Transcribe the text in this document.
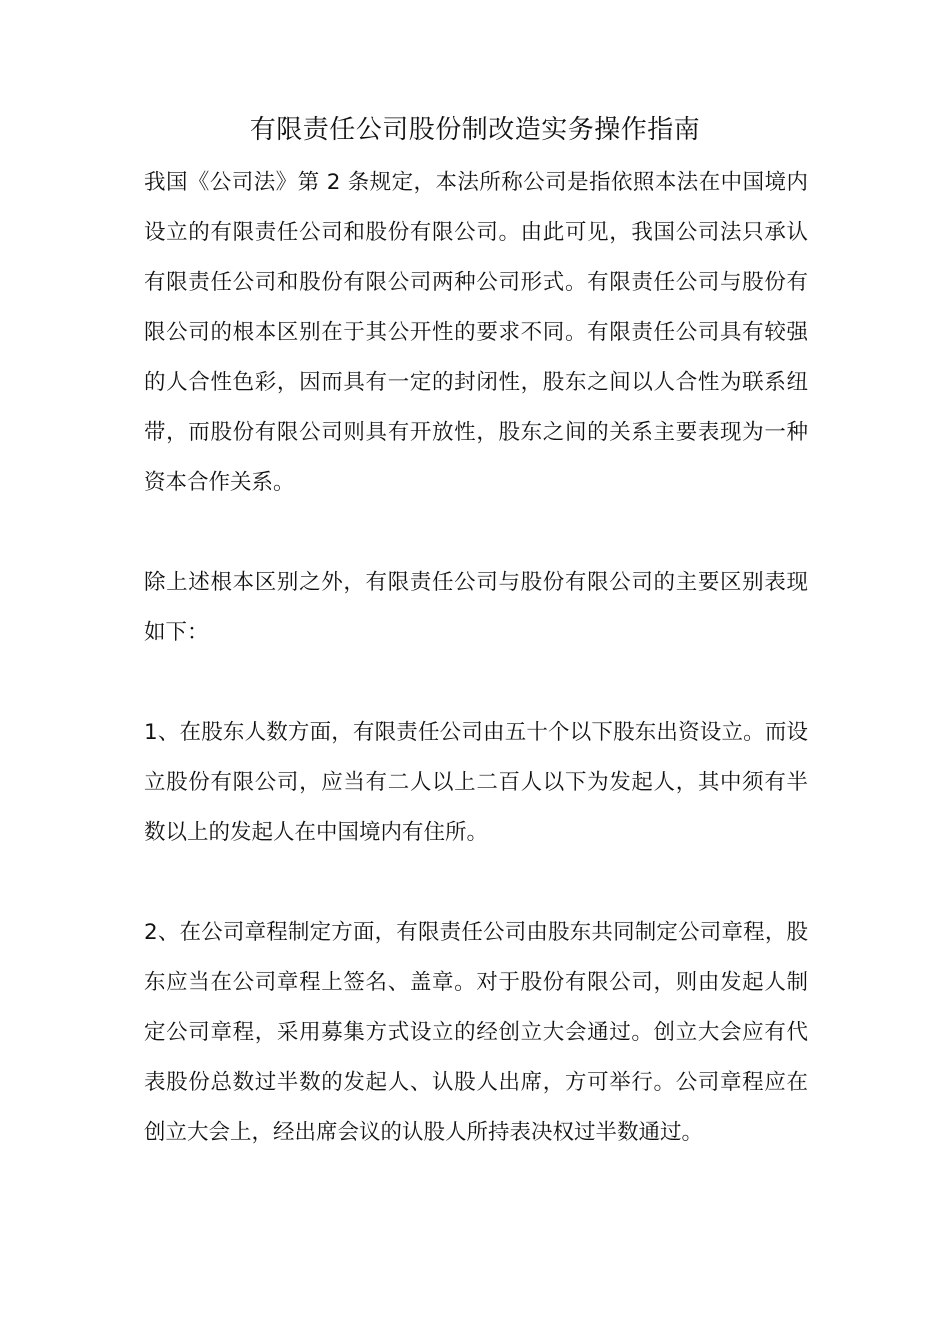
有限责任公司股份制改造实务操作指南

我国《公司法》第 2 条规定，本法所称公司是指依照本法在中国境内设立的有限责任公司和股份有限公司。由此可见，我国公司法只承认有限责任公司和股份有限公司两种公司形式。有限责任公司与股份有限公司的根本区别在于其公开性的要求不同。有限责任公司具有较强的人合性色彩，因而具有一定的封闭性，股东之间以人合性为联系纽带，而股份有限公司则具有开放性，股东之间的关系主要表现为一种资本合作关系。

除上述根本区别之外，有限责任公司与股份有限公司的主要区别表现如下：

1、在股东人数方面，有限责任公司由五十个以下股东出资设立。而设立股份有限公司，应当有二人以上二百人以下为发起人，其中须有半数以上的发起人在中国境内有住所。

2、在公司章程制定方面，有限责任公司由股东共同制定公司章程，股东应当在公司章程上签名、盖章。对于股份有限公司，则由发起人制定公司章程，采用募集方式设立的经创立大会通过。创立大会应有代表股份总数过半数的发起人、认股人出席，方可举行。公司章程应在创立大会上，经出席会议的认股人所持表决权过半数通过。
